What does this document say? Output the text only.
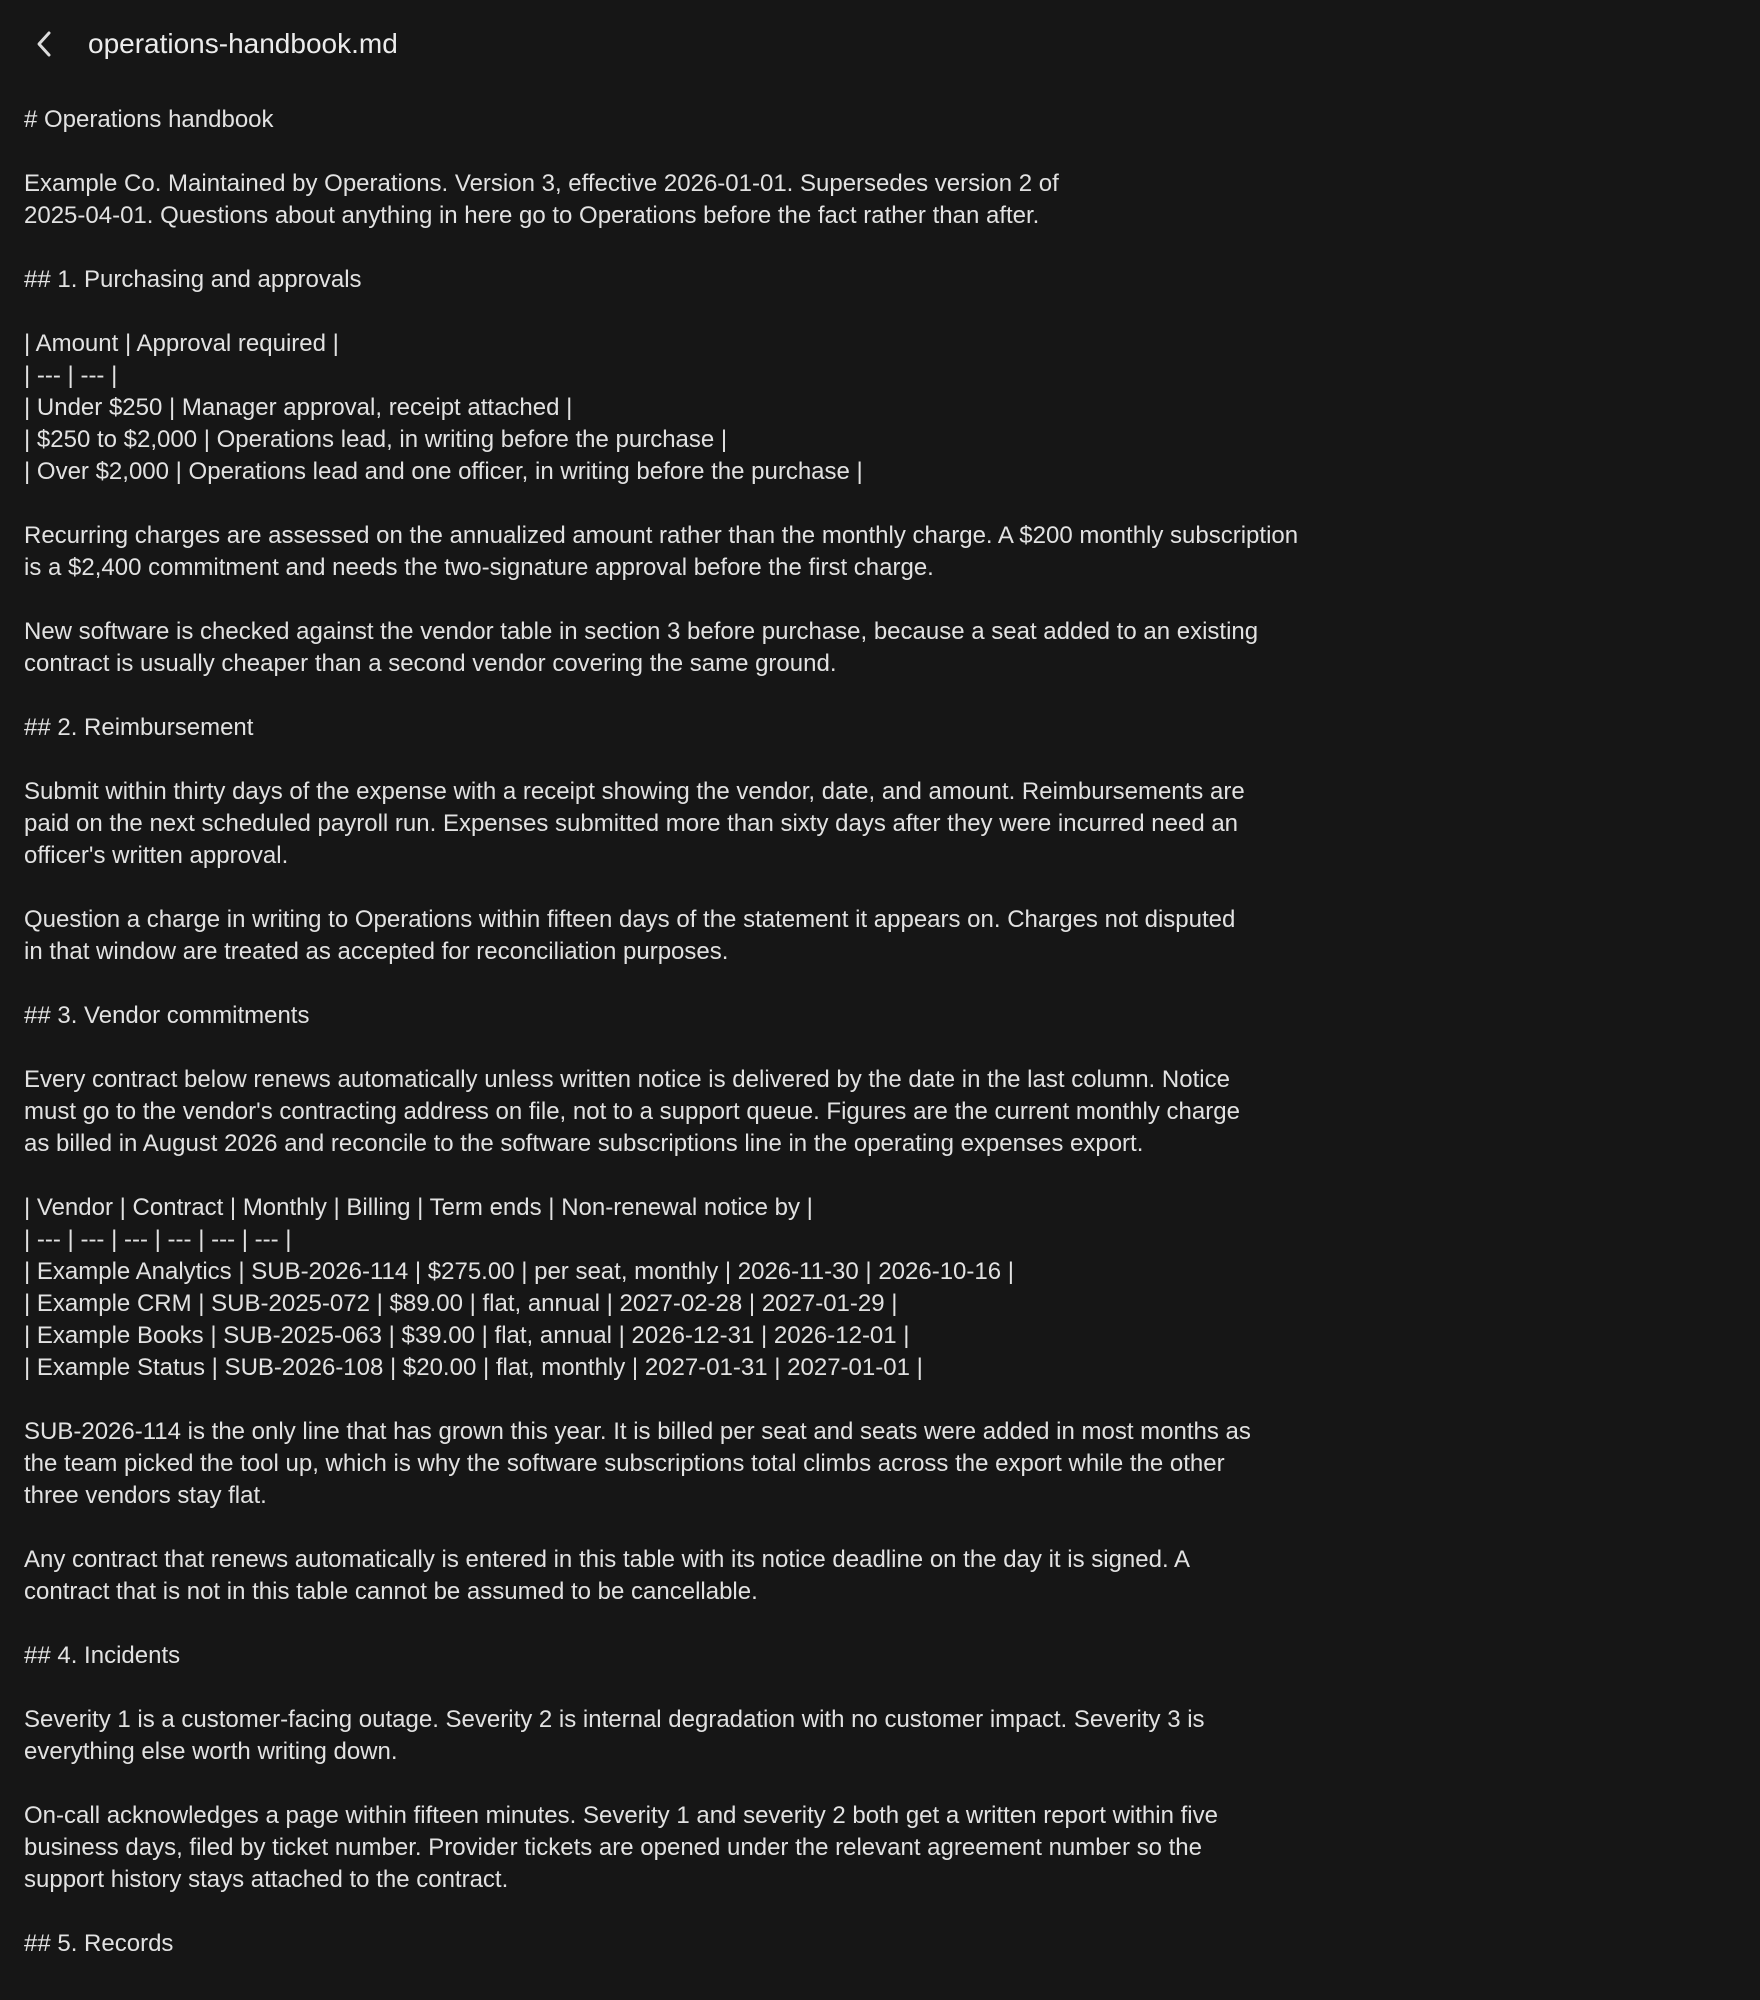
operations-handbook.md
# Operations handbook
Example Co. Maintained by Operations. Version 3, effective 2026-01-01. Supersedes version 2 of
2025-04-01. Questions about anything in here go to Operations before the fact rather than after.
## 1. Purchasing and approvals
| Amount | Approval required |
| --- | --- |
| Under $250 | Manager approval, receipt attached |
| $250 to $2,000 | Operations lead, in writing before the purchase |
| Over $2,000 | Operations lead and one officer, in writing before the purchase |
Recurring charges are assessed on the annualized amount rather than the monthly charge. A $200 monthly subscription
is a $2,400 commitment and needs the two-signature approval before the first charge.
New software is checked against the vendor table in section 3 before purchase, because a seat added to an existing
contract is usually cheaper than a second vendor covering the same ground.
## 2. Reimbursement
Submit within thirty days of the expense with a receipt showing the vendor, date, and amount. Reimbursements are
paid on the next scheduled payroll run. Expenses submitted more than sixty days after they were incurred need an
officer's written approval.
Question a charge in writing to Operations within fifteen days of the statement it appears on. Charges not disputed
in that window are treated as accepted for reconciliation purposes.
## 3. Vendor commitments
Every contract below renews automatically unless written notice is delivered by the date in the last column. Notice
must go to the vendor's contracting address on file, not to a support queue. Figures are the current monthly charge
as billed in August 2026 and reconcile to the software subscriptions line in the operating expenses export.
| Vendor | Contract | Monthly | Billing | Term ends | Non-renewal notice by |
| --- | --- | --- | --- | --- | --- |
| Example Analytics | SUB-2026-114 | $275.00 | per seat, monthly | 2026-11-30 | 2026-10-16 |
| Example CRM | SUB-2025-072 | $89.00 | flat, annual | 2027-02-28 | 2027-01-29 |
| Example Books | SUB-2025-063 | $39.00 | flat, annual | 2026-12-31 | 2026-12-01 |
| Example Status | SUB-2026-108 | $20.00 | flat, monthly | 2027-01-31 | 2027-01-01 |
SUB-2026-114 is the only line that has grown this year. It is billed per seat and seats were added in most months as
the team picked the tool up, which is why the software subscriptions total climbs across the export while the other
three vendors stay flat.
Any contract that renews automatically is entered in this table with its notice deadline on the day it is signed. A
contract that is not in this table cannot be assumed to be cancellable.
## 4. Incidents
Severity 1 is a customer-facing outage. Severity 2 is internal degradation with no customer impact. Severity 3 is
everything else worth writing down.
On-call acknowledges a page within fifteen minutes. Severity 1 and severity 2 both get a written report within five
business days, filed by ticket number. Provider tickets are opened under the relevant agreement number so the
support history stays attached to the contract.
## 5. Records
